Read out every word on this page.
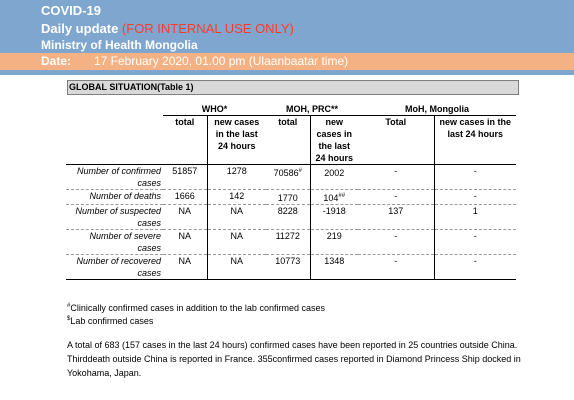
COVID-19
Daily update (FOR INTERNAL USE ONLY)
Ministry of Health Mongolia
Date: 17 February 2020, 01.00 pm (Ulaanbaatar time)
GLOBAL SITUATION(Table 1)
	WHO*		MOH, PRC**		MoH, Mongolia	
	total	new cases in the last 24 hours	total	new cases in the last 24 hours	Total	new cases in the last 24 hours
Number of confirmed cases	51857	1278	70586#	2002	-	-
Number of deaths	1666	142	1770	104##	-	-
Number of suspected cases	NA	NA	8228	-1918	137	1
Number of severe cases	NA	NA	11272	219	-	-
Number of recovered cases	NA	NA	10773	1348	-	-
#Clinically confirmed cases in addition to the lab confirmed cases
$Lab confirmed cases
A total of 683 (157 cases in the last 24 hours) confirmed cases have been reported in 25 countries outside China. Thirddeath outside China is reported in France. 355confirmed cases reported in Diamond Princess Ship docked in Yokohama, Japan.
